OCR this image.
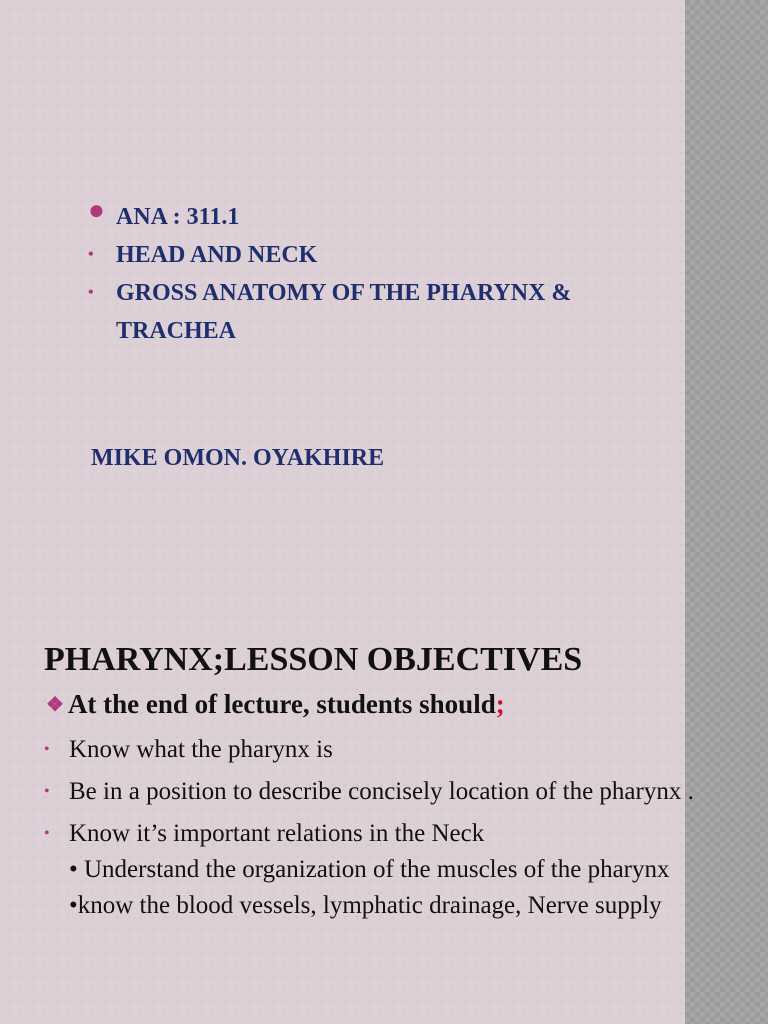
● ANA : 311.1
• HEAD AND NECK
• GROSS ANATOMY OF THE PHARYNX & TRACHEA
MIKE OMON. OYAKHIRE
PHARYNX;LESSON OBJECTIVES
❖ At the end of lecture, students should;
• Know what the pharynx is
• Be in a position to describe concisely location of the pharynx .
• Know it’s important relations in the Neck
• Understand the organization of the muscles of the pharynx
•know the blood vessels, lymphatic drainage, Nerve supply
